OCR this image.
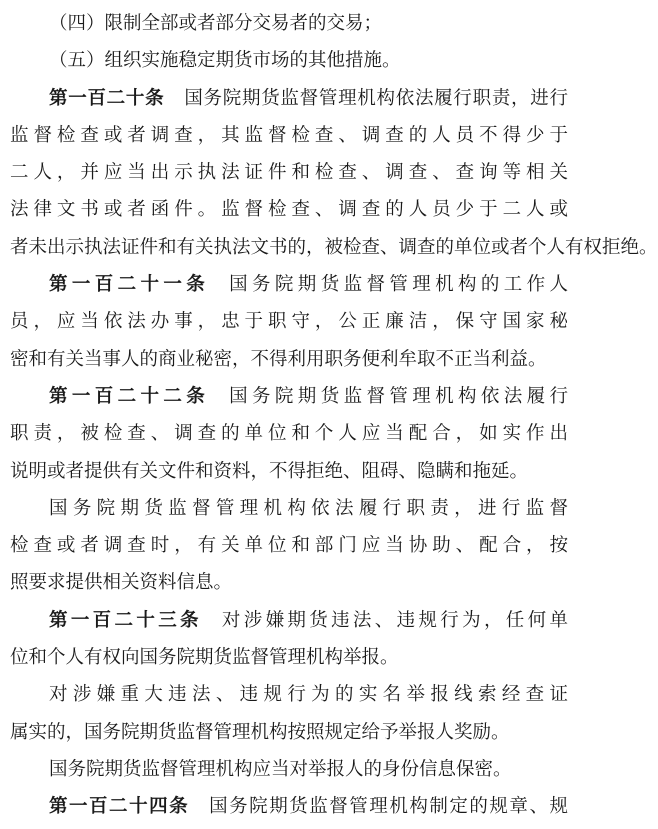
（四）限制全部或者部分交易者的交易；
（五）组织实施稳定期货市场的其他措施。
第一百二十条 国务院期货监督管理机构依法履行职责，进行
监督检查或者调查，其监督检查、调查的人员不得少于
二人，并应当出示执法证件和检查、调查、查询等相关
法律文书或者函件。监督检查、调查的人员少于二人或
者未出示执法证件和有关执法文书的，被检查、调查的单位或者个人有权拒绝。
第一百二十一条 国务院期货监督管理机构的工作人
员，应当依法办事，忠于职守，公正廉洁，保守国家秘
密和有关当事人的商业秘密，不得利用职务便利牟取不正当利益。
第一百二十二条 国务院期货监督管理机构依法履行
职责，被检查、调查的单位和个人应当配合，如实作出
说明或者提供有关文件和资料，不得拒绝、阻碍、隐瞒和拖延。
国务院期货监督管理机构依法履行职责，进行监督
检查或者调查时，有关单位和部门应当协助、配合，按
照要求提供相关资料信息。
第一百二十三条 对涉嫌期货违法、违规行为，任何单
位和个人有权向国务院期货监督管理机构举报。
对涉嫌重大违法、违规行为的实名举报线索经查证
属实的，国务院期货监督管理机构按照规定给予举报人奖励。
国务院期货监督管理机构应当对举报人的身份信息保密。
第一百二十四条 国务院期货监督管理机构制定的规章、规
